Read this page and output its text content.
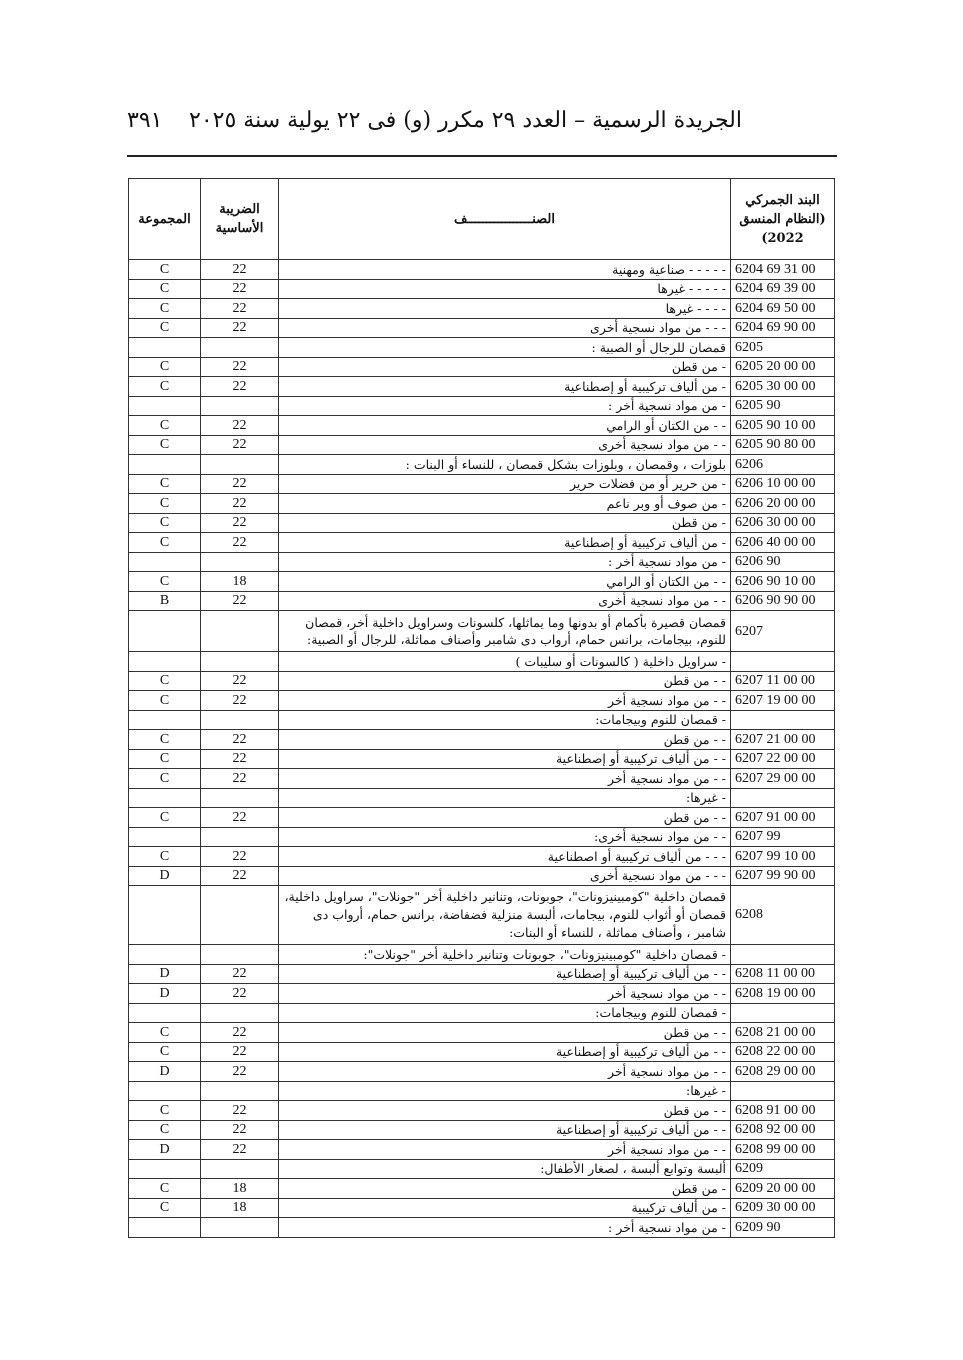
الجريدة الرسمية – العدد ٢٩ مكرر (و) فى ٢٢ يولية سنة ٢٠٢٥
٣٩١
المجموعة	الضريبة الأساسية	الصنـــــــــــــــــف	البند الجمركي (النظام المنسق 2022)
C	22	- - - - - صناعية ومهنية	6204 69 31 00
C	22	- - - - - غيرها	6204 69 39 00
C	22	- - - - غيرها	6204 69 50 00
C	22	- - - من مواد نسجية أخرى	6204 69 90 00
		قمصان للرجال أو الصبية :	6205
C	22	- من قطن	6205 20 00 00
C	22	- من ألياف تركيبية أو إصطناعية	6205 30 00 00
		- من مواد نسجية أخر :	6205 90
C	22	- - من الكتان أو الرامي	6205 90 10 00
C	22	- - من مواد نسجية أخرى	6205 90 80 00
		بلوزات ، وقمصان ، وبلوزات بشكل قمصان ، للنساء أو البنات :	6206
C	22	- من حرير أو من فضلات حرير	6206 10 00 00
C	22	- من صوف أو وبر ناعم	6206 20 00 00
C	22	- من قطن	6206 30 00 00
C	22	- من ألياف تركيبية أو إصطناعية	6206 40 00 00
		- من مواد نسجية أخر :	6206 90
C	18	- - من الكتان أو الرامي	6206 90 10 00
B	22	- - من مواد نسجية أخرى	6206 90 90 00
		قمصان قصيرة بأكمام أو بدونها وما يماثلها، كلسونات وسراويل داخلية أخر، قمصان للنوم، بيجامات، برانس حمام، أرواب دى شامبر وأصناف مماثلة، للرجال أو الصبية:	6207
		- سراويل داخلية ( كالسونات أو سليبات )	
C	22	- - من قطن	6207 11 00 00
C	22	- - من مواد نسجية أخر	6207 19 00 00
		- قمصان للنوم وبيجامات:	
C	22	- - من قطن	6207 21 00 00
C	22	- - من ألياف تركيبية أو إصطناعية	6207 22 00 00
C	22	- - من مواد نسجية أخر	6207 29 00 00
		- غيرها:	
C	22	- - من قطن	6207 91 00 00
		- - من مواد نسجية أخرى:	6207 99
C	22	- - - من ألياف تركيبية أو اصطناعية	6207 99 10 00
D	22	- - - من مواد نسجية أخرى	6207 99 90 00
		قمصان داخلية "كومبينيزونات"، جوبونات، وتنانير داخلية أخر "جونلات"، سراويل داخلية، قمصان أو أثواب للنوم، بيجامات، ألبسة منزلية فضفاضة، برانس حمام، أرواب دى شامبر ، وأصناف مماثلة ، للنساء أو البنات:	6208
		- قمصان داخلية "كومبينيزونات"، جوبونات وتنانير داخلية أخر "جونلات":	
D	22	- - من ألياف تركيبية أو إصطناعية	6208 11 00 00
D	22	- - من مواد نسجية أخر	6208 19 00 00
		- قمصان للنوم وبيجامات:	
C	22	- - من قطن	6208 21 00 00
C	22	- - من ألياف تركيبية أو إصطناعية	6208 22 00 00
D	22	- - من مواد نسجية أخر	6208 29 00 00
		- غيرها:	
C	22	- - من قطن	6208 91 00 00
C	22	- - من ألياف تركيبية أو إصطناعية	6208 92 00 00
D	22	- - من مواد نسجية أخر	6208 99 00 00
		ألبسة وتوابع ألبسة ، لصغار الأطفال:	6209
C	18	- من قطن	6209 20 00 00
C	18	- من ألياف تركيبية	6209 30 00 00
		- من مواد نسجية أخر :	6209 90
